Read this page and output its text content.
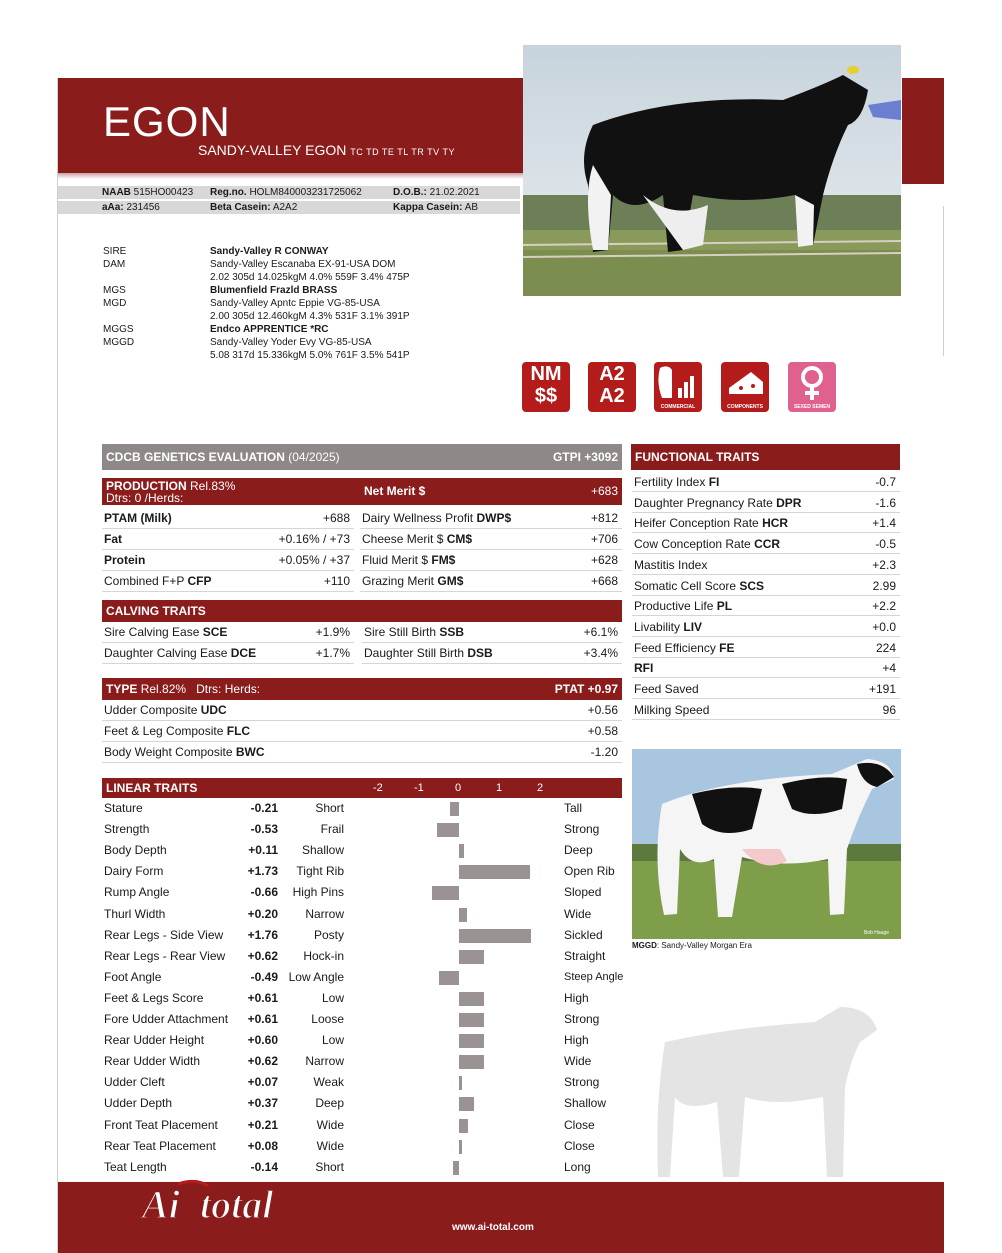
EGON
SANDY-VALLEY EGON TC TD TE TL TR TV TY
NAAB 515HO00423 Reg.no. HOLM840003231725062	D.O.B.: 21.02.2021
aAa: 231456	Beta Casein: A2A2	Kappa Casein: AB
SIRE	Sandy-Valley R CONWAY
DAM	Sandy-Valley Escanaba EX-91-USA DOM
2.02 305d 14.025kgM 4.0% 559F 3.4% 475P
MGS	Blumenfield Frazld BRASS
MGD	Sandy-Valley Apntc Eppie VG-85-USA
2.00 305d 12.460kgM 4.3% 531F 3.1% 391P
MGGS	Endco APPRENTICE *RC
MGGD	Sandy-Valley Yoder Evy VG-85-USA
5.08 317d 15.336kgM 5.0% 761F 3.5% 541P
NM
$$
A2
A2	COMMERCIAL	COMPONENTS	SEXED SEMEN
CDCB GENETICS EVALUATION (04/2025)	GTPI +3092
PRODUCTION Rel.83%
Dtrs: 0 /Herds:	Net Merit $	+683
PTAM (Milk)	+688 Dairy Wellness Profit DWP$	+812
Fat	+0.16% / +73 Cheese Merit $ CM$	+706
Protein	+0.05% / +37 Fluid Merit $ FM$	+628
Combined F+P CFP	+110 Grazing Merit GM$	+668
CALVING TRAITS
Sire Calving Ease SCE	+1.9% Sire Still Birth SSB	+6.1%
Daughter Calving Ease DCE	+1.7% Daughter Still Birth DSB	+3.4%
TYPE Rel.82% Dtrs: Herds:	PTAT +0.97
Udder Composite UDC	+0.56
Feet & Leg Composite FLC	+0.58
Body Weight Composite BWC	-1.20
FUNCTIONAL TRAITS
Fertility Index FI	-0.7
Daughter Pregnancy Rate DPR	-1.6
Heifer Conception Rate HCR	+1.4
Cow Conception Rate CCR	-0.5
Mastitis Index	+2.3
Somatic Cell Score SCS	2.99
Productive Life PL	+2.2
Livability LIV	+0.0
Feed Efficiency FE	224
RFI	+4
Feed Saved	+191
Milking Speed	96
LINEAR TRAITS	-2	-1	0	1	2
Stature	-0.21	Short	Tall
Strength	-0.53	Frail	Strong
Body Depth	+0.11	Shallow	Deep
Dairy Form	+1.73	Tight Rib	Open Rib
Rump Angle	-0.66	High Pins	Sloped
Thurl Width	+0.20	Narrow	Wide
Rear Legs - Side View	+1.76	Posty	Sickled
Rear Legs - Rear View	+0.62	Hock-in	Straight
Foot Angle	-0.49 Low Angle	Steep Angle
Feet & Legs Score	+0.61	Low	High
Fore Udder Attachment	+0.61	Loose	Strong
Rear Udder Height	+0.60	Low	High
Rear Udder Width	+0.62	Narrow	Wide
Udder Cleft	+0.07	Weak	Strong
Udder Depth	+0.37	Deep	Shallow
Front Teat Placement	+0.21	Wide	Close
Rear Teat Placement	+0.08	Wide	Close
Teat Length	-0.14	Short	Long
Bob Hauge
MGGD: Sandy-Valley Morgan Era
Ai total
www.ai-total.com
